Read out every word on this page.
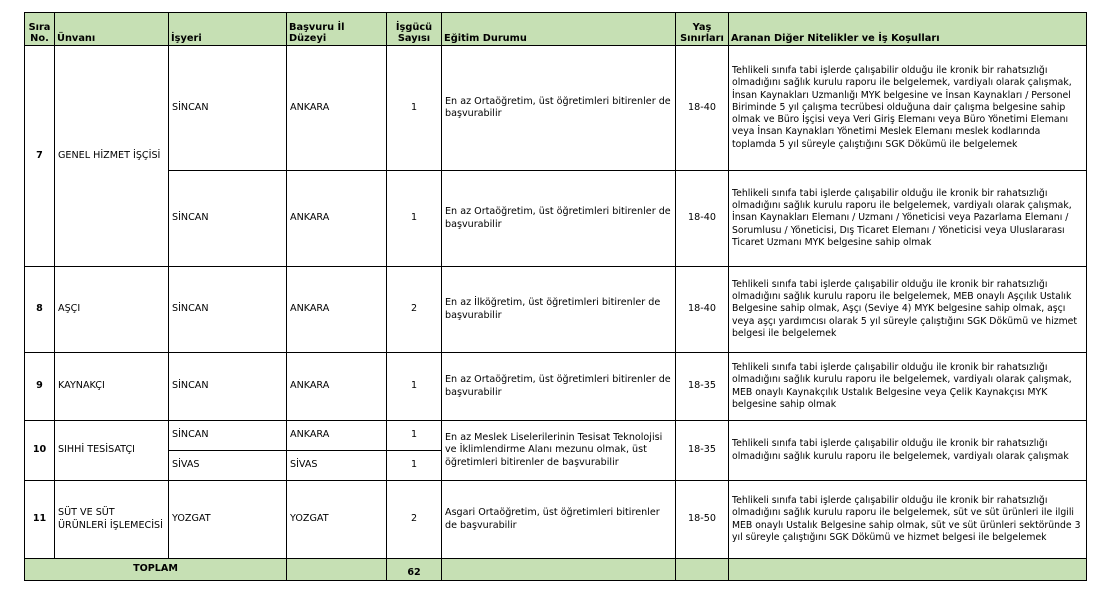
Sıra No.	Ünvanı	İşyeri	Başvuru İl Düzeyi	İşgücü Sayısı	Eğitim Durumu	Yaş Sınırları	Aranan Diğer Nitelikler ve İş Koşulları
7	GENEL HİZMET İŞÇİSİ	SİNCAN	ANKARA	1	En az Ortaöğretim, üst öğretimleri bitirenler de başvurabilir	18-40	Tehlikeli sınıfa tabi işlerde çalışabilir olduğu ile kronik bir rahatsızlığı olmadığını sağlık kurulu raporu ile belgelemek, vardiyalı olarak çalışmak, İnsan Kaynakları Uzmanlığı MYK belgesine ve İnsan Kaynakları / Personel Biriminde 5 yıl çalışma tecrübesi olduğuna dair çalışma belgesine sahip olmak ve Büro İşçisi veya Veri Giriş Elemanı veya Büro Yönetimi Elemanı veya İnsan Kaynakları Yönetimi Meslek Elemanı meslek kodlarında toplamda 5 yıl süreyle çalıştığını SGK Dökümü ile belgelemek
		SİNCAN	ANKARA	1	En az Ortaöğretim, üst öğretimleri bitirenler de başvurabilir	18-40	Tehlikeli sınıfa tabi işlerde çalışabilir olduğu ile kronik bir rahatsızlığı olmadığını sağlık kurulu raporu ile belgelemek, vardiyalı olarak çalışmak, İnsan Kaynakları Elemanı / Uzmanı / Yöneticisi veya Pazarlama Elemanı / Sorumlusu / Yöneticisi, Dış Ticaret Elemanı / Yöneticisi veya Uluslararası Ticaret Uzmanı MYK belgesine sahip olmak
8	AŞÇI	SİNCAN	ANKARA	2	En az İlköğretim, üst öğretimleri bitirenler de başvurabilir	18-40	Tehlikeli sınıfa tabi işlerde çalışabilir olduğu ile kronik bir rahatsızlığı olmadığını sağlık kurulu raporu ile belgelemek, MEB onaylı Aşçılık Ustalık Belgesine sahip olmak, Aşçı (Seviye 4) MYK belgesine sahip olmak, aşçı veya aşçı yardımcısı olarak 5 yıl süreyle çalıştığını SGK Dökümü ve hizmet belgesi ile belgelemek
9	KAYNAKÇI	SİNCAN	ANKARA	1	En az Ortaöğretim, üst öğretimleri bitirenler de başvurabilir	18-35	Tehlikeli sınıfa tabi işlerde çalışabilir olduğu ile kronik bir rahatsızlığı olmadığını sağlık kurulu raporu ile belgelemek, vardiyalı olarak çalışmak, MEB onaylı Kaynakçılık Ustalık Belgesine veya Çelik Kaynakçısı MYK belgesine sahip olmak
10	SIHHİ TESİSATÇI	SİNCAN	ANKARA	1	En az Meslek Liselerilerinin Tesisat Teknolojisi ve İklimlendirme Alanı mezunu olmak, üst öğretimleri bitirenler de başvurabilir	18-35	Tehlikeli sınıfa tabi işlerde çalışabilir olduğu ile kronik bir rahatsızlığı olmadığını sağlık kurulu raporu ile belgelemek, vardiyalı olarak çalışmak
		SİVAS	SİVAS	1			
11	SÜT VE SÜT ÜRÜNLERİ İŞLEMECİSİ	YOZGAT	YOZGAT	2	Asgari Ortaöğretim, üst öğretimleri bitirenler de başvurabilir	18-50	Tehlikeli sınıfa tabi işlerde çalışabilir olduğu ile kronik bir rahatsızlığı olmadığını sağlık kurulu raporu ile belgelemek, süt ve süt ürünleri ile ilgili MEB onaylı Ustalık Belgesine sahip olmak, süt ve süt ürünleri sektöründe 3 yıl süreyle çalıştığını SGK Dökümü ve hizmet belgesi ile belgelemek
TOPLAM				62			
